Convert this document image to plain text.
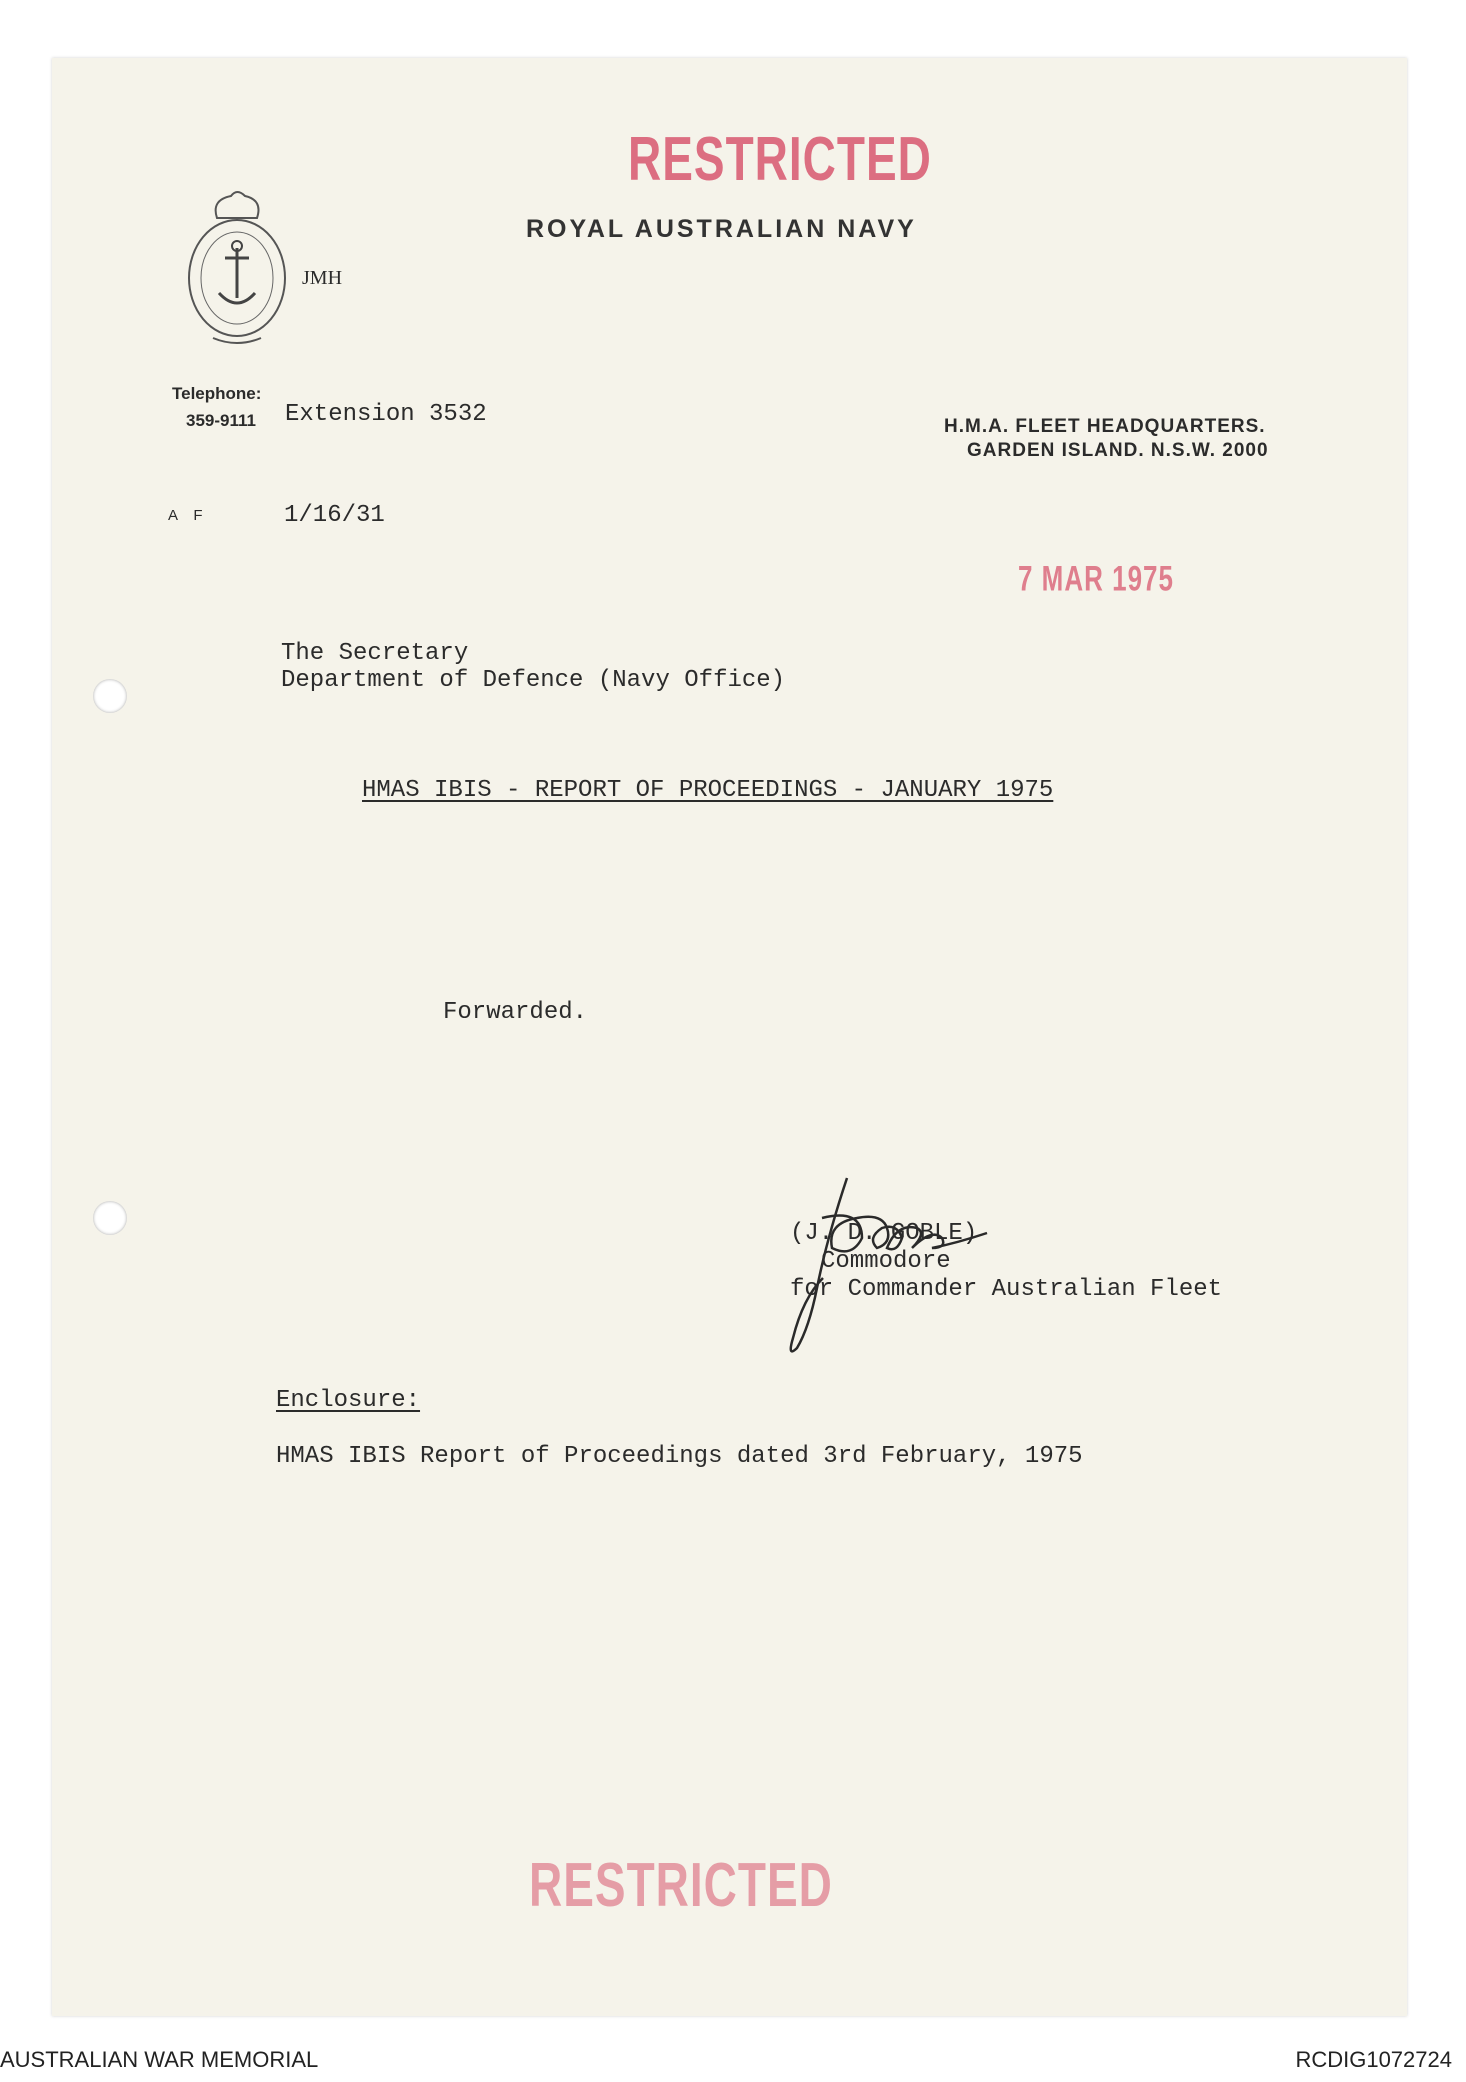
RESTRICTED
JMH
ROYAL AUSTRALIAN NAVY
Telephone:
359-9111 Extension 3532	H.M.A. FLEET HEADQUARTERS.
GARDEN ISLAND. N.S.W. 2000
A F	1/16/31
7 MAR 1975
The Secretary
Department of Defence (Navy Office)
HMAS IBIS - REPORT OF PROCEEDINGS - JANUARY 1975
Forwarded.
(J. D. GOBLE)
Commodore
for Commander Australian Fleet
Enclosure:
HMAS IBIS Report of Proceedings dated 3rd February, 1975
RESTRICTED
AUSTRALIAN WAR MEMORIAL	RCDIG1072724
